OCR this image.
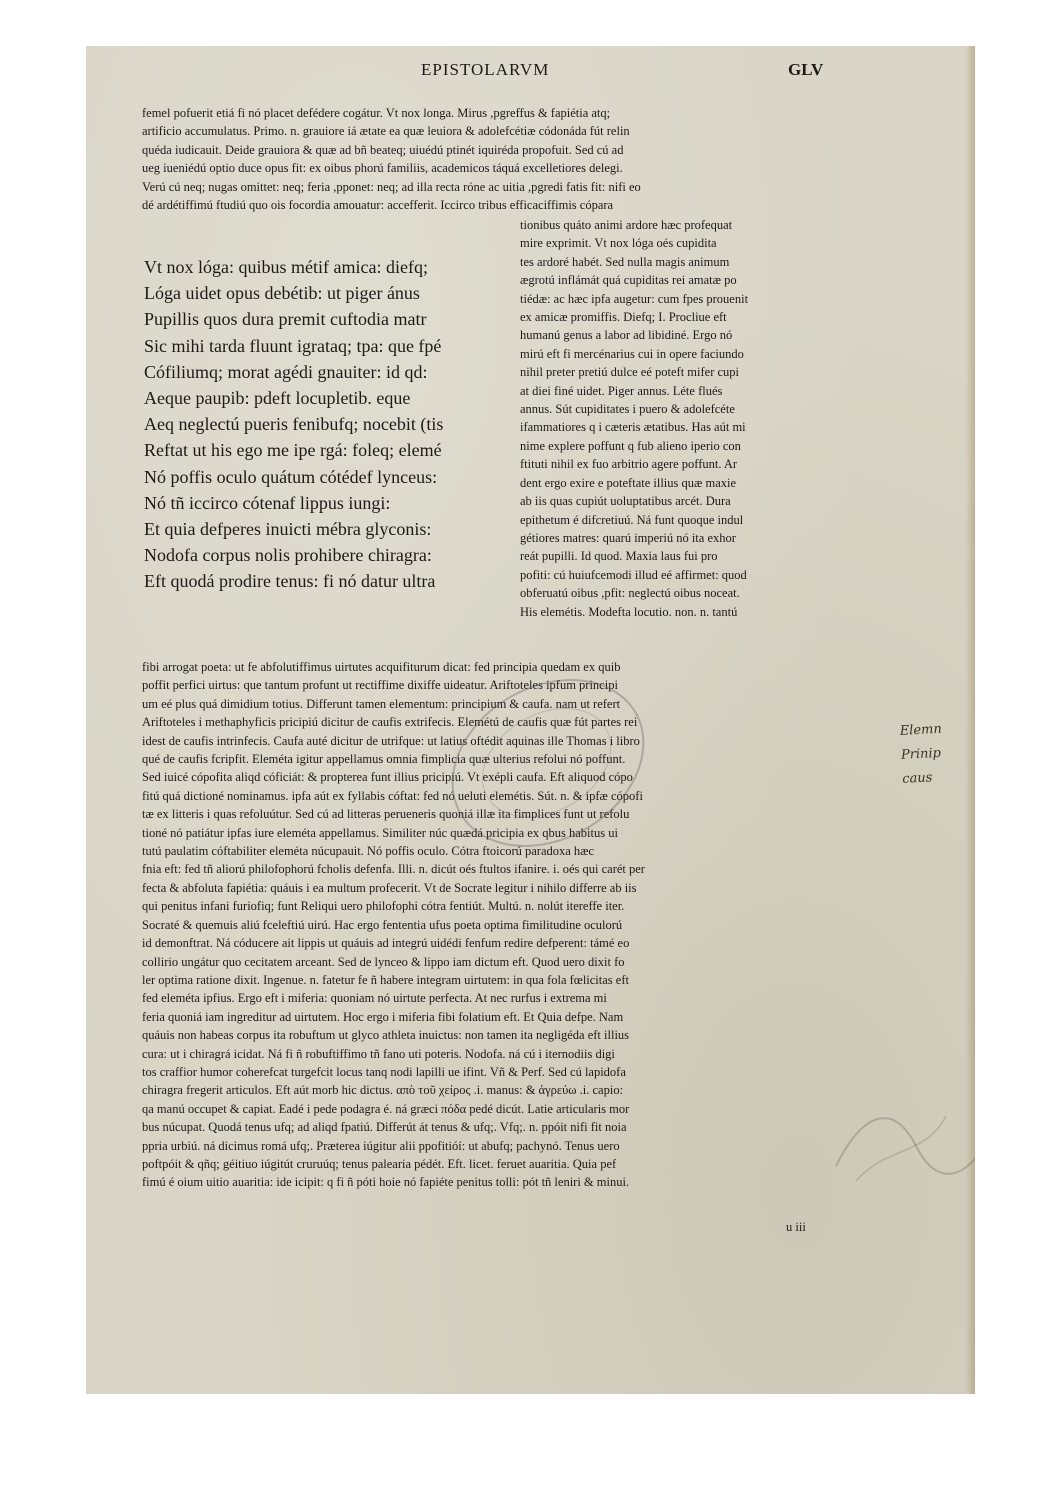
EPISTOLARVM	GLV
femel pofuerit etiá fi nó placet defédere cogátur. Vt nox longa. Mirus ,pgreffus & fapiétia atq;
artificio accumulatus. Primo. n. grauiore iá ætate ea quæ leuiora & adolefcétiæ códonáda fút relin
quéda iudicauit. Deide grauiora & quæ ad bñ beateq; uiuédú ptinét iquiréda propofuit. Sed cú ad
ueg iueniédú optio duce opus fit: ex oibus phorú familiis, academicos táquá excelletiores delegi.
Verú cú neq; nugas omittet: neq; feria ,pponet: neq; ad illa recta róne ac uitia ,pgredi fatis fit: nifi eo
dé ardétiffimú ftudiú quo ois focordia amouatur: accefferit. Iccirco tribus efficaciffimis cópara
Vt nox lóga: quibus métif amica: diefq;
Lóga uidet opus debétib: ut piger ánus
Pupillis quos dura premit cuftodia matr
Sic mihi tarda fluunt igrataq; tpa: que fpé
Cófiliumq; morat agédi gnauiter: id qd:
Aeque paupib: pdeft locupletib. eque
Aeq neglectú pueris fenibufq; nocebit (tis
Reftat ut his ego me ipe rgá: foleq; elemé
Nó poffis oculo quátum cótédef lynceus:
Nó tñ iccirco cótenaf lippus iungi:
Et quia defperes inuicti mébra glyconis:
Nodofa corpus nolis prohibere chiragra:
Eft quodá prodire tenus: fi nó datur ultra
tionibus quáto animi ardore hæc profequat
mire exprimit. Vt nox lóga oés cupidita
tes ardoré habét. Sed nulla magis animum
ægrotú inflámát quá cupiditas rei amatæ po
tiédæ: ac hæc ipfa augetur: cum fpes prouenit
ex amicæ promiffis. Diefq; I. Procliue eft
humanú genus a labor ad libidiné. Ergo nó
mirú eft fi mercénarius cui in opere faciundo
nihil preter pretiú dulce eé poteft mifer cupi
at diei finé uidet. Piger annus. Léte flués
annus. Sút cupiditates i puero & adolefcéte
ifammatiores q i cæteris ætatibus. Has aút mi
nime explere poffunt q fub alieno iperio con
ftituti nihil ex fuo arbitrio agere poffunt. Ar
dent ergo exire e poteftate illius quæ maxie
ab iis quas cupiút uoluptatibus arcét. Dura
epithetum é difcretiuú. Ná funt quoque indul
gétiores matres: quarú imperiú nó ita exhor
reát pupilli. Id quod. Maxia laus fui pro
pofiti: cú huiufcemodi illud eé affirmet: quod
obferuatú oibus ,pfit: neglectú oibus noceat.
His elemétis. Modefta locutio. non. n. tantú
fibi arrogat poeta: ut fe abfolutiffimus uirtutes acquifiturum dicat: fed principia quedam ex quib
poffit perfici uirtus: que tantum profunt ut rectiffime dixiffe uideatur. Ariftoteles ipfum principi
um eé plus quá dimidium totius. Differunt tamen elementum: principium & caufa. nam ut refert
Ariftoteles i methaphyficis pricipiú dicitur de caufis extrifecis. Elemétú de caufis quæ fút partes rei
idest de caufis intrinfecis. Caufa auté dicitur de utrifque: ut latius oftédit aquinas ille Thomas i libro
qué de caufis fcripfit. Eleméta igitur appellamus omnia fimplicia quæ ulterius refolui nó poffunt.
Sed iuicé cópofita aliqd cóficiát: & propterea funt illius pricipiú. Vt exépli caufa. Eft aliquod cópo
fitú quá dictioné nominamus. ipfa aút ex fyllabis cóftat: fed nó ueluti elemétis. Sút. n. & ipfæ cópofi
tæ ex litteris i quas refoluútur. Sed cú ad litteras perueneris quoniá illæ ita fimplices funt ut refolu
tioné nó patiátur ipfas iure eleméta appellamus. Similiter núc quædá pricipia ex qbus habitus ui
tutú paulatim cóftabiliter eleméta núcupauit. Nó poffis oculo. Cótra ftoicorú paradoxa hæc
fnia eft: fed tñ aliorú philofophorú fcholis defenfa. Illi. n. dicút oés ftultos ifanire. i. oés qui carét per
fecta & abfoluta fapiétia: quáuis i ea multum profecerit. Vt de Socrate legitur i nihilo differre ab iis
qui penitus infani furiofiq; funt Reliqui uero philofophi cótra fentiút. Multú. n. nolút itereffe iter.
Socraté & quemuis aliú fceleftiú uirú. Hac ergo fententia ufus poeta optima fimilitudine oculorú
id demonftrat. Ná códucere ait lippis ut quáuis ad integrú uidédi fenfum redire defperent: támé eo
collirio ungátur quo cecitatem arceant. Sed de lynceo & lippo iam dictum eft. Quod uero dixit fo
ler optima ratione dixit. Ingenue. n. fatetur fe ñ habere integram uirtutem: in qua fola fœlicitas eft
fed eleméta ipfius. Ergo eft i miferia: quoniam nó uirtute perfecta. At nec rurfus i extrema mi
feria quoniá iam ingreditur ad uirtutem. Hoc ergo i miferia fibi folatium eft. Et Quia defpe. Nam
quáuis non habeas corpus ita robuftum ut glyco athleta inuictus: non tamen ita negligéda eft illius
cura: ut i chiragrá icidat. Ná fi ñ robuftiffimo tñ fano uti poteris. Nodofa. ná cú i iternodiis digi
tos craffior humor coherefcat turgefcit locus tanq nodi lapilli ue ifint. Vñ & Perf. Sed cú lapidofa
chiragra fregerit articulos. Eft aút morb hic dictus. απὸ τοῦ χείρος .i. manus: & ἀγρεύω .i. capio:
qa manú occupet & capiat. Eadé i pede podagra é. ná græci πόδα pedé dicút. Latie articularis mor
bus núcupat. Quodá tenus ufq; ad aliqd fpatiú. Differút át tenus & ufq;. Vfq;. n. ppóit nifi fit noia
ppria urbiú. ná dicimus romá ufq;. Præterea iúgitur alii ppofitióí: ut abufq; pachynó. Tenus uero
poftpóit & qñq; géitiuo iúgitút cruruúq; tenus palearia pédét. Eft. licet. feruet auaritia. Quia pef
fimú é oium uitio auaritia: ide icipit: q fi ñ póti hoie nó fapiéte penitus tolli: pót tñ leniri & minui.
u iii
Elemn
Prinip
caus
